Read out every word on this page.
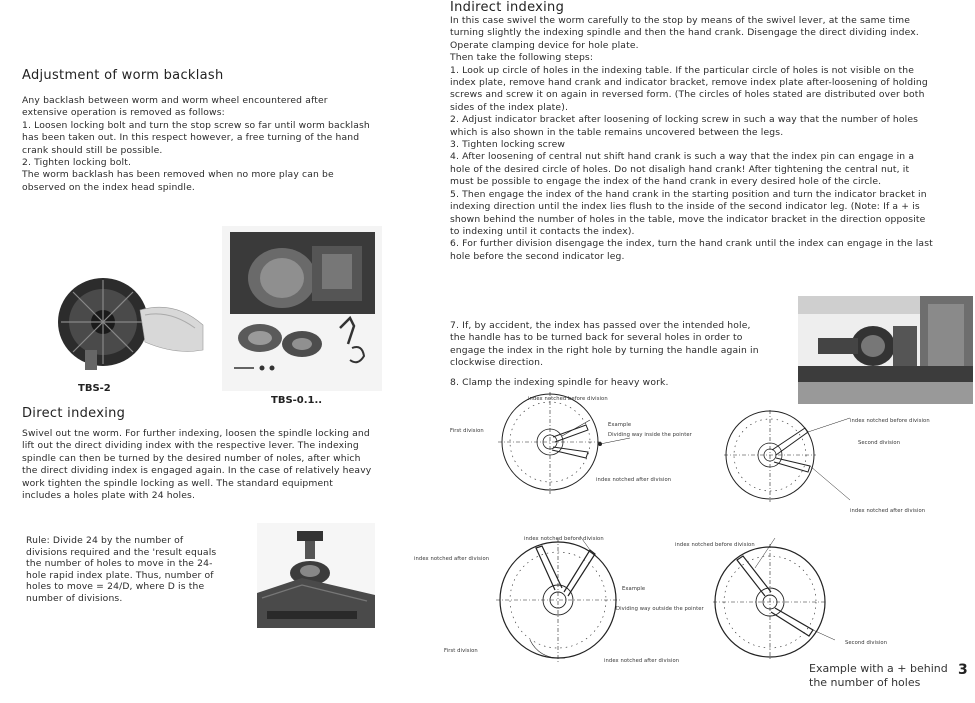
Adjustment of worm backlash

Any backlash between worm and worm wheel encountered after extensive operation is removed as follows:

1. Loosen locking bolt and turn the stop screw so far until worm backlash has been taken out. In this respect however, a free turning of the hand crank should still be possible.

2. Tighten locking bolt.

The worm backlash has been removed when no more play can be observed on the index head spindle.

TBS-2
TBS-0.1..
Direct indexing
Swivel out tne worm. For further indexing, loosen the spindle locking and lift out the direct dividing index with the respective lever. The indexing spindle can then be turned by the desired number of noles, after which the direct dividing index is engaged again. In the case of relatively heavy work tighten the spindle locking as well. The standard equipment includes a holes plate with 24 holes.
Rule: Divide 24 by the number of divisions required and the 'result equals the number of holes to move in the 24-hole rapid index plate. Thus, number of holes to move = 24/D, where D is the number of divisions.
Indirect indexing

In this case swivel the worm carefully to the stop by means of the swivel lever, at the same time turning slightly the indexing spindle and then the hand crank. Disengage the direct dividing index. Operate clamping device for hole plate.

Then take the following steps:

1. Look up circle of holes in the indexing table. If the particular circle of holes is not visible on the index plate, remove hand crank and indicator bracket, remove index plate after-loosening of holding screws and screw it on again in reversed form. (The circles of holes stated are distributed over both sides of the index plate).

2. Adjust indicator bracket after loosening of locking screw in such a way that the number of holes which is also shown in the table remains uncovered between the legs.

3. Tighten locking screw

4. After loosening of central nut shift hand crank is such a way that the index pin can engage in a hole of the desired circle of holes. Do not disaligh hand crank! After tightening the central nut, it must be possible to engage the index of the hand crank in every desired hole of the circle.

5. Then engage the index of the hand crank in the starting position and turn the indicator bracket in indexing direction until the index lies flush to the inside of the second indicator leg. (Note: If a + is shown behind the number of holes in the table, move the indicator bracket in the direction opposite to indexing until it contacts the index).

6. For further division disengage the index, turn the hand crank until the index can engage in the last hole before the second indicator leg.

7. If, by accident, the index has passed over the intended hole, the handle has to be turned back for several holes in order to engage the index in the right hole by turning the handle again in clockwise direction.
8. Clamp the indexing spindle for heavy work.
First division
index notched before division
Example
Dividing way inside the pointer
index notched after division
index notched before division
Second division
index notched after division
index notched after division
index notched before division
Example
Dividing way outside the pointer
First division
index notched after division
index notched before division
Second division
Example with a + behind
the number of holes
3
